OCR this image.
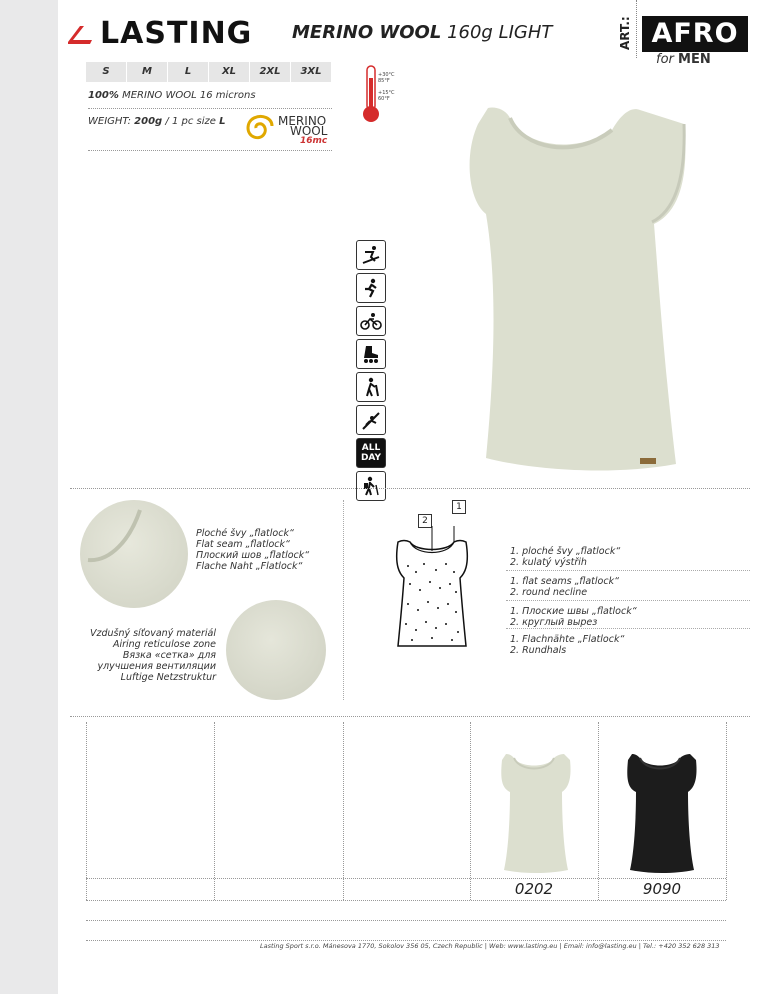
LASTING MERINO WOOL 160g LIGHT	ART.: AFRO
for MEN
S	M	L	XL	2XL	3XL
100% MERINO WOOL 16 microns
WEIGHT: 200g / 1 pc size L	MERINO
WOOL
16mc
+30°C
85°F
+15°C
60°F
ALL
DAY
Ploché švy „flatlock“
Flat seam „flatlock“
Плоский шов „flatlock“
Flache Naht „Flatlock“
Vzdušný síťovaný materiál
Airing reticulose zone
Вязка «сетка» для
улучшения вентиляции
Luftige Netzstruktur
1
2
1. ploché švy „flatlock“
2. kulatý výstřih
1. flat seams „flatlock“
2. round necline
1. Плоские швы „flatlock“
2. круглый вырез
1. Flachnähte „Flatlock“
2. Rundhals
0202	9090
Lasting Sport s.r.o. Mánesova 1770, Sokolov 356 05, Czech Republic | Web: www.lasting.eu | Email: info@lasting.eu | Tel.: +420 352 628 313
